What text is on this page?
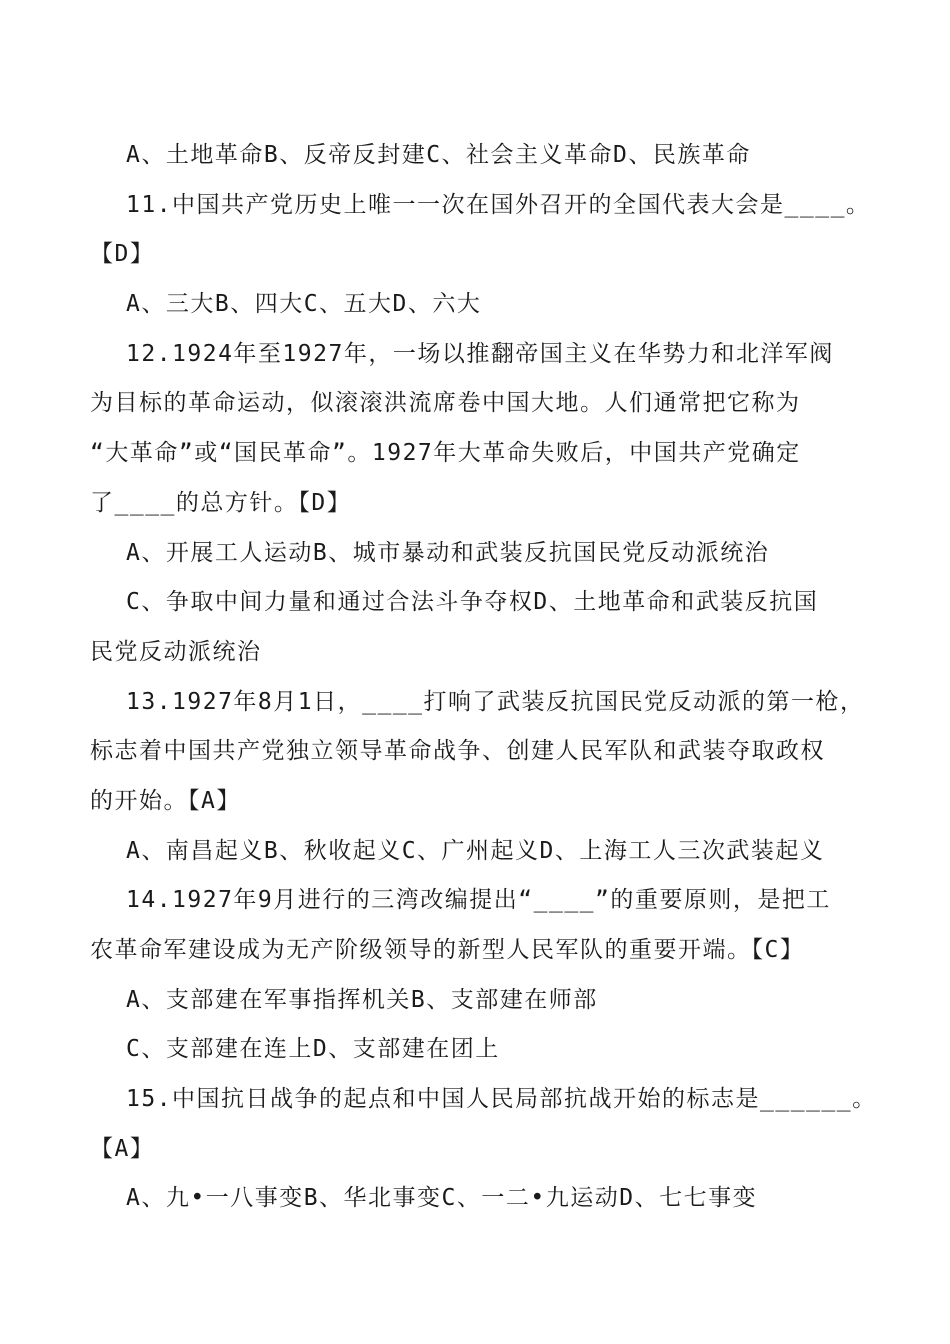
A、土地革命B、反帝反封建C、社会主义革命D、民族革命
11.中国共产党历史上唯一一次在国外召开的全国代表大会是____。
【D】
A、三大B、四大C、五大D、六大
12.1924年至1927年，一场以推翻帝国主义在华势力和北洋军阀
为目标的革命运动，似滚滚洪流席卷中国大地。人们通常把它称为
“大革命”或“国民革命”。1927年大革命失败后，中国共产党确定
了____的总方针。【D】
A、开展工人运动B、城市暴动和武装反抗国民党反动派统治
C、争取中间力量和通过合法斗争夺权D、土地革命和武装反抗国
民党反动派统治
13.1927年8月1日，____打响了武装反抗国民党反动派的第一枪，
标志着中国共产党独立领导革命战争、创建人民军队和武装夺取政权
的开始。【A】
A、南昌起义B、秋收起义C、广州起义D、上海工人三次武装起义
14.1927年9月进行的三湾改编提出“____”的重要原则，是把工
农革命军建设成为无产阶级领导的新型人民军队的重要开端。【C】
A、支部建在军事指挥机关B、支部建在师部
C、支部建在连上D、支部建在团上
15.中国抗日战争的起点和中国人民局部抗战开始的标志是______。
【A】
A、九•一八事变B、华北事变C、一二•九运动D、七七事变
